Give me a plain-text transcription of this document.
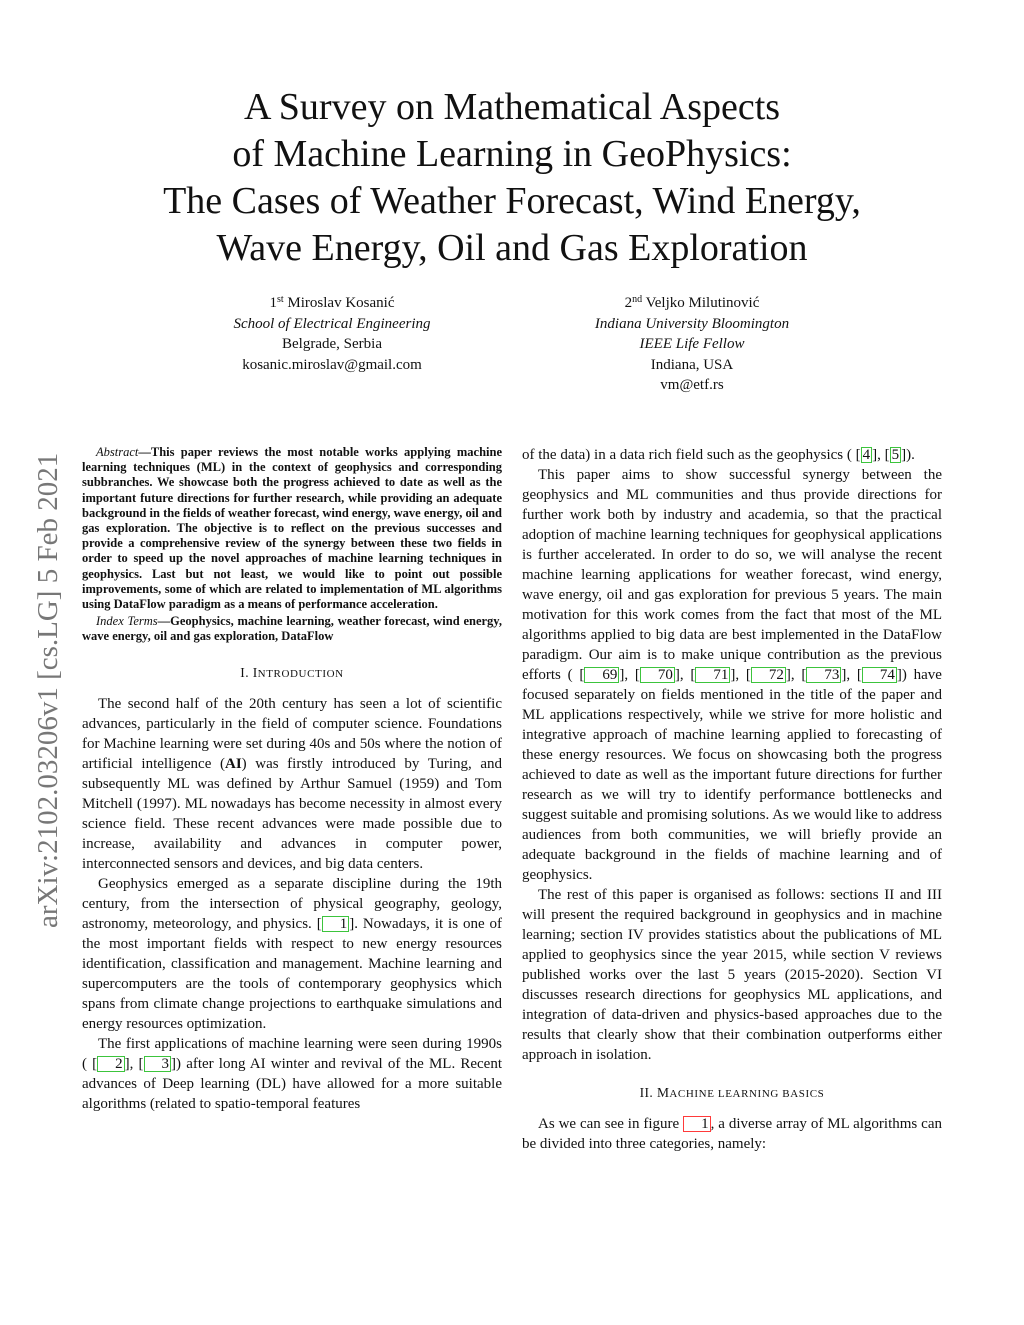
arXiv:2102.03206v1 [cs.LG] 5 Feb 2021
A Survey on Mathematical Aspects
of Machine Learning in GeoPhysics:
The Cases of Weather Forecast, Wind Energy,
Wave Energy, Oil and Gas Exploration
1st Miroslav Kosanić
School of Electrical Engineering
Belgrade, Serbia
kosanic.miroslav@gmail.com
2nd Veljko Milutinović
Indiana University Bloomington
IEEE Life Fellow
Indiana, USA
vm@etf.rs

Abstract—This paper reviews the most notable works applying machine learning techniques (ML) in the context of geophysics and corresponding subbranches. We showcase both the progress achieved to date as well as the important future directions for further research, while providing an adequate background in the fields of weather forecast, wind energy, wave energy, oil and gas exploration. The objective is to reflect on the previous successes and provide a comprehensive review of the synergy between these two fields in order to speed up the novel approaches of machine learning techniques in geophysics. Last but not least, we would like to point out possible improvements, some of which are related to implementation of ML algorithms using DataFlow paradigm as a means of performance acceleration.

Index Terms—Geophysics, machine learning, weather forecast, wind energy, wave energy, oil and gas exploration, DataFlow

I. INTRODUCTION

The second half of the 20th century has seen a lot of scientific advances, particularly in the field of computer science. Foundations for Machine learning were set during 40s and 50s where the notion of artificial intelligence (AI) was firstly introduced by Turing, and subsequently ML was defined by Arthur Samuel (1959) and Tom Mitchell (1997). ML nowadays has become necessity in almost every science field. These recent advances were made possible due to increase, availability and advances in computer power, interconnected sensors and devices, and big data centers.

Geophysics emerged as a separate discipline during the 19th century, from the intersection of physical geography, geology, astronomy, meteorology, and physics. [ 1 ]. Nowadays, it is one of the most important fields with respect to new energy resources identification, classification and management. Machine learning and supercomputers are the tools of contemporary geophysics which spans from climate change projections to earthquake simulations and energy resources optimization.

The first applications of machine learning were seen during 1990s ( [ 2 ], [ 3 ]) after long AI winter and revival of the ML. Recent advances of Deep learning (DL) have allowed for a more suitable algorithms (related to spatio-temporal features

of the data) in a data rich field such as the geophysics ( [ 4 ], [ 5 ]).

This paper aims to show successful synergy between the geophysics and ML communities and thus provide directions for further work both by industry and academia, so that the practical adoption of machine learning techniques for geophysical applications is further accelerated. In order to do so, we will analyse the recent machine learning applications for weather forecast, wind energy, wave energy, oil and gas exploration for previous 5 years. The main motivation for this work comes from the fact that most of the ML algorithms applied to big data are best implemented in the DataFlow paradigm. Our aim is to make unique contribution as the previous efforts ( [ 69 ], [ 70 ], [ 71 ], [ 72 ], [ 73 ], [ 74 ]) have focused separately on fields mentioned in the title of the paper and ML applications respectively, while we strive for more holistic and integrative approach of machine learning applied to forecasting of these energy resources. We focus on showcasing both the progress achieved to date as well as the important future directions for further research as we will try to identify performance bottlenecks and suggest suitable and promising solutions. As we would like to address audiences from both communities, we will briefly provide an adequate background in the fields of machine learning and of geophysics.

The rest of this paper is organised as follows: sections II and III will present the required background in geophysics and in machine learning; section IV provides statistics about the publications of ML applied to geophysics since the year 2015, while section V reviews published works over the last 5 years (2015-2020). Section VI discusses research directions for geophysics ML applications, and integration of data-driven and physics-based approaches due to the results that clearly show that their combination outperforms either approach in isolation.

II. MACHINE LEARNING BASICS

As we can see in figure 1 , a diverse array of ML algorithms can be divided into three categories, namely:
